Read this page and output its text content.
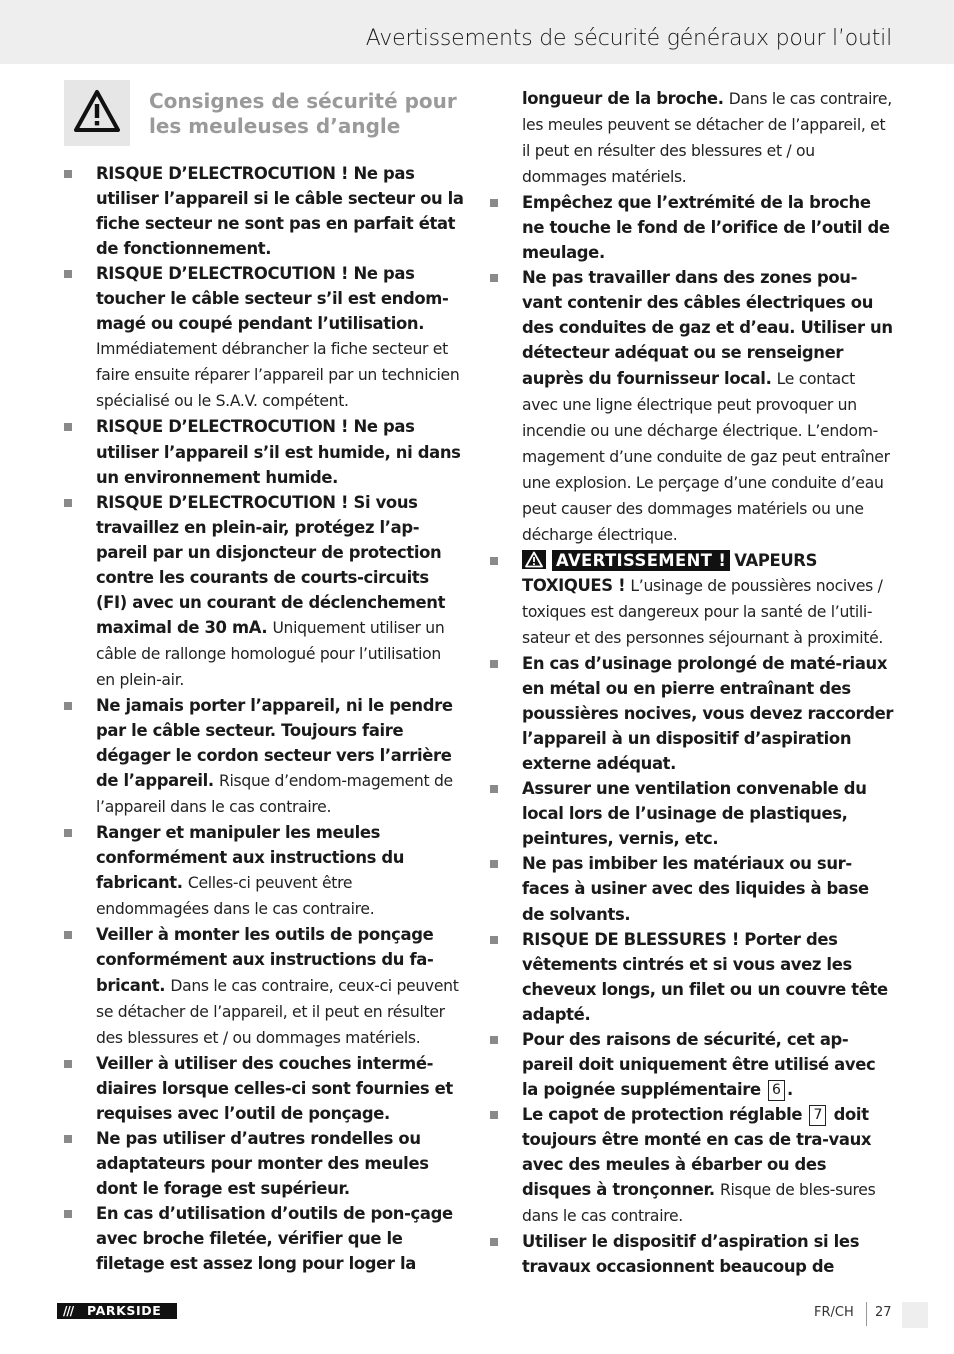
Avertissements de sécurité généraux pour l’outil
Consignes de sécurité pour les meuleuses d’angle

RISQUE D’ELECTROCUTION ! Ne pas utiliser l’appareil si le câble secteur ou la fiche secteur ne sont pas en parfait état de fonctionnement.

RISQUE D’ELECTROCUTION ! Ne pas toucher le câble secteur s’il est endom-magé ou coupé pendant l’utilisation. Immédiatement débrancher la fiche secteur et faire ensuite réparer l’appareil par un technicien spécialisé ou le S.A.V. compétent.

RISQUE D’ELECTROCUTION ! Ne pas utiliser l’appareil s’il est humide, ni dans un environnement humide.

RISQUE D’ELECTROCUTION ! Si vous travaillez en plein-air, protégez l’ap-pareil par un disjoncteur de protection contre les courants de courts-circuits (FI) avec un courant de déclenchement maximal de 30 mA. Uniquement utiliser un câble de rallonge homologué pour l’utilisation en plein-air.

Ne jamais porter l’appareil, ni le pendre par le câble secteur. Toujours faire dégager le cordon secteur vers l’arrière de l’appareil. Risque d’endom-magement de l’appareil dans le cas contraire.

Ranger et manipuler les meules conformément aux instructions du fabricant. Celles-ci peuvent être endommagées dans le cas contraire.

Veiller à monter les outils de ponçage conformément aux instructions du fa-bricant. Dans le cas contraire, ceux-ci peuvent se détacher de l’appareil, et il peut en résulter des blessures et / ou dommages matériels.

Veiller à utiliser des couches intermé-diaires lorsque celles-ci sont fournies et requises avec l’outil de ponçage.

Ne pas utiliser d’autres rondelles ou adaptateurs pour monter des meules dont le forage est supérieur.

En cas d’utilisation d’outils de pon-çage avec broche filetée, vérifier que le filetage est assez long pour loger la

longueur de la broche. Dans le cas contraire, les meules peuvent se détacher de l’appareil, et il peut en résulter des blessures et / ou dommages matériels.

Empêchez que l’extrémité de la broche ne touche le fond de l’orifice de l’outil de meulage.

Ne pas travailler dans des zones pou-vant contenir des câbles électriques ou des conduites de gaz et d’eau. Utiliser un détecteur adéquat ou se renseigner auprès du fournisseur local. Le contact avec une ligne électrique peut provoquer un incendie ou une décharge électrique. L’endom-magement d’une conduite de gaz peut entraîner une explosion. Le perçage d’une conduite d’eau peut causer des dommages matériels ou une décharge électrique.

AVERTISSEMENT ! VAPEURS TOXIQUES ! L’usinage de poussières nocives / toxiques est dangereux pour la santé de l’utili-sateur et des personnes séjournant à proximité.

En cas d’usinage prolongé de maté-riaux en métal ou en pierre entraînant des poussières nocives, vous devez raccorder l’appareil à un dispositif d’aspiration externe adéquat.

Assurer une ventilation convenable du local lors de l’usinage de plastiques, peintures, vernis, etc.

Ne pas imbiber les matériaux ou sur-faces à usiner avec des liquides à base de solvants.

RISQUE DE BLESSURES ! Porter des vêtements cintrés et si vous avez les cheveux longs, un filet ou un couvre tête adapté.

Pour des raisons de sécurité, cet ap-pareil doit uniquement être utilisé avec la poignée supplémentaire 6 .

Le capot de protection réglable 7 doit toujours être monté en cas de tra-vaux avec des meules à ébarber ou des disques à tronçonner. Risque de bles-sures dans le cas contraire.

Utiliser le dispositif d’aspiration si les travaux occasionnent beaucoup de

/// PARKSIDE	FR/CH 27
